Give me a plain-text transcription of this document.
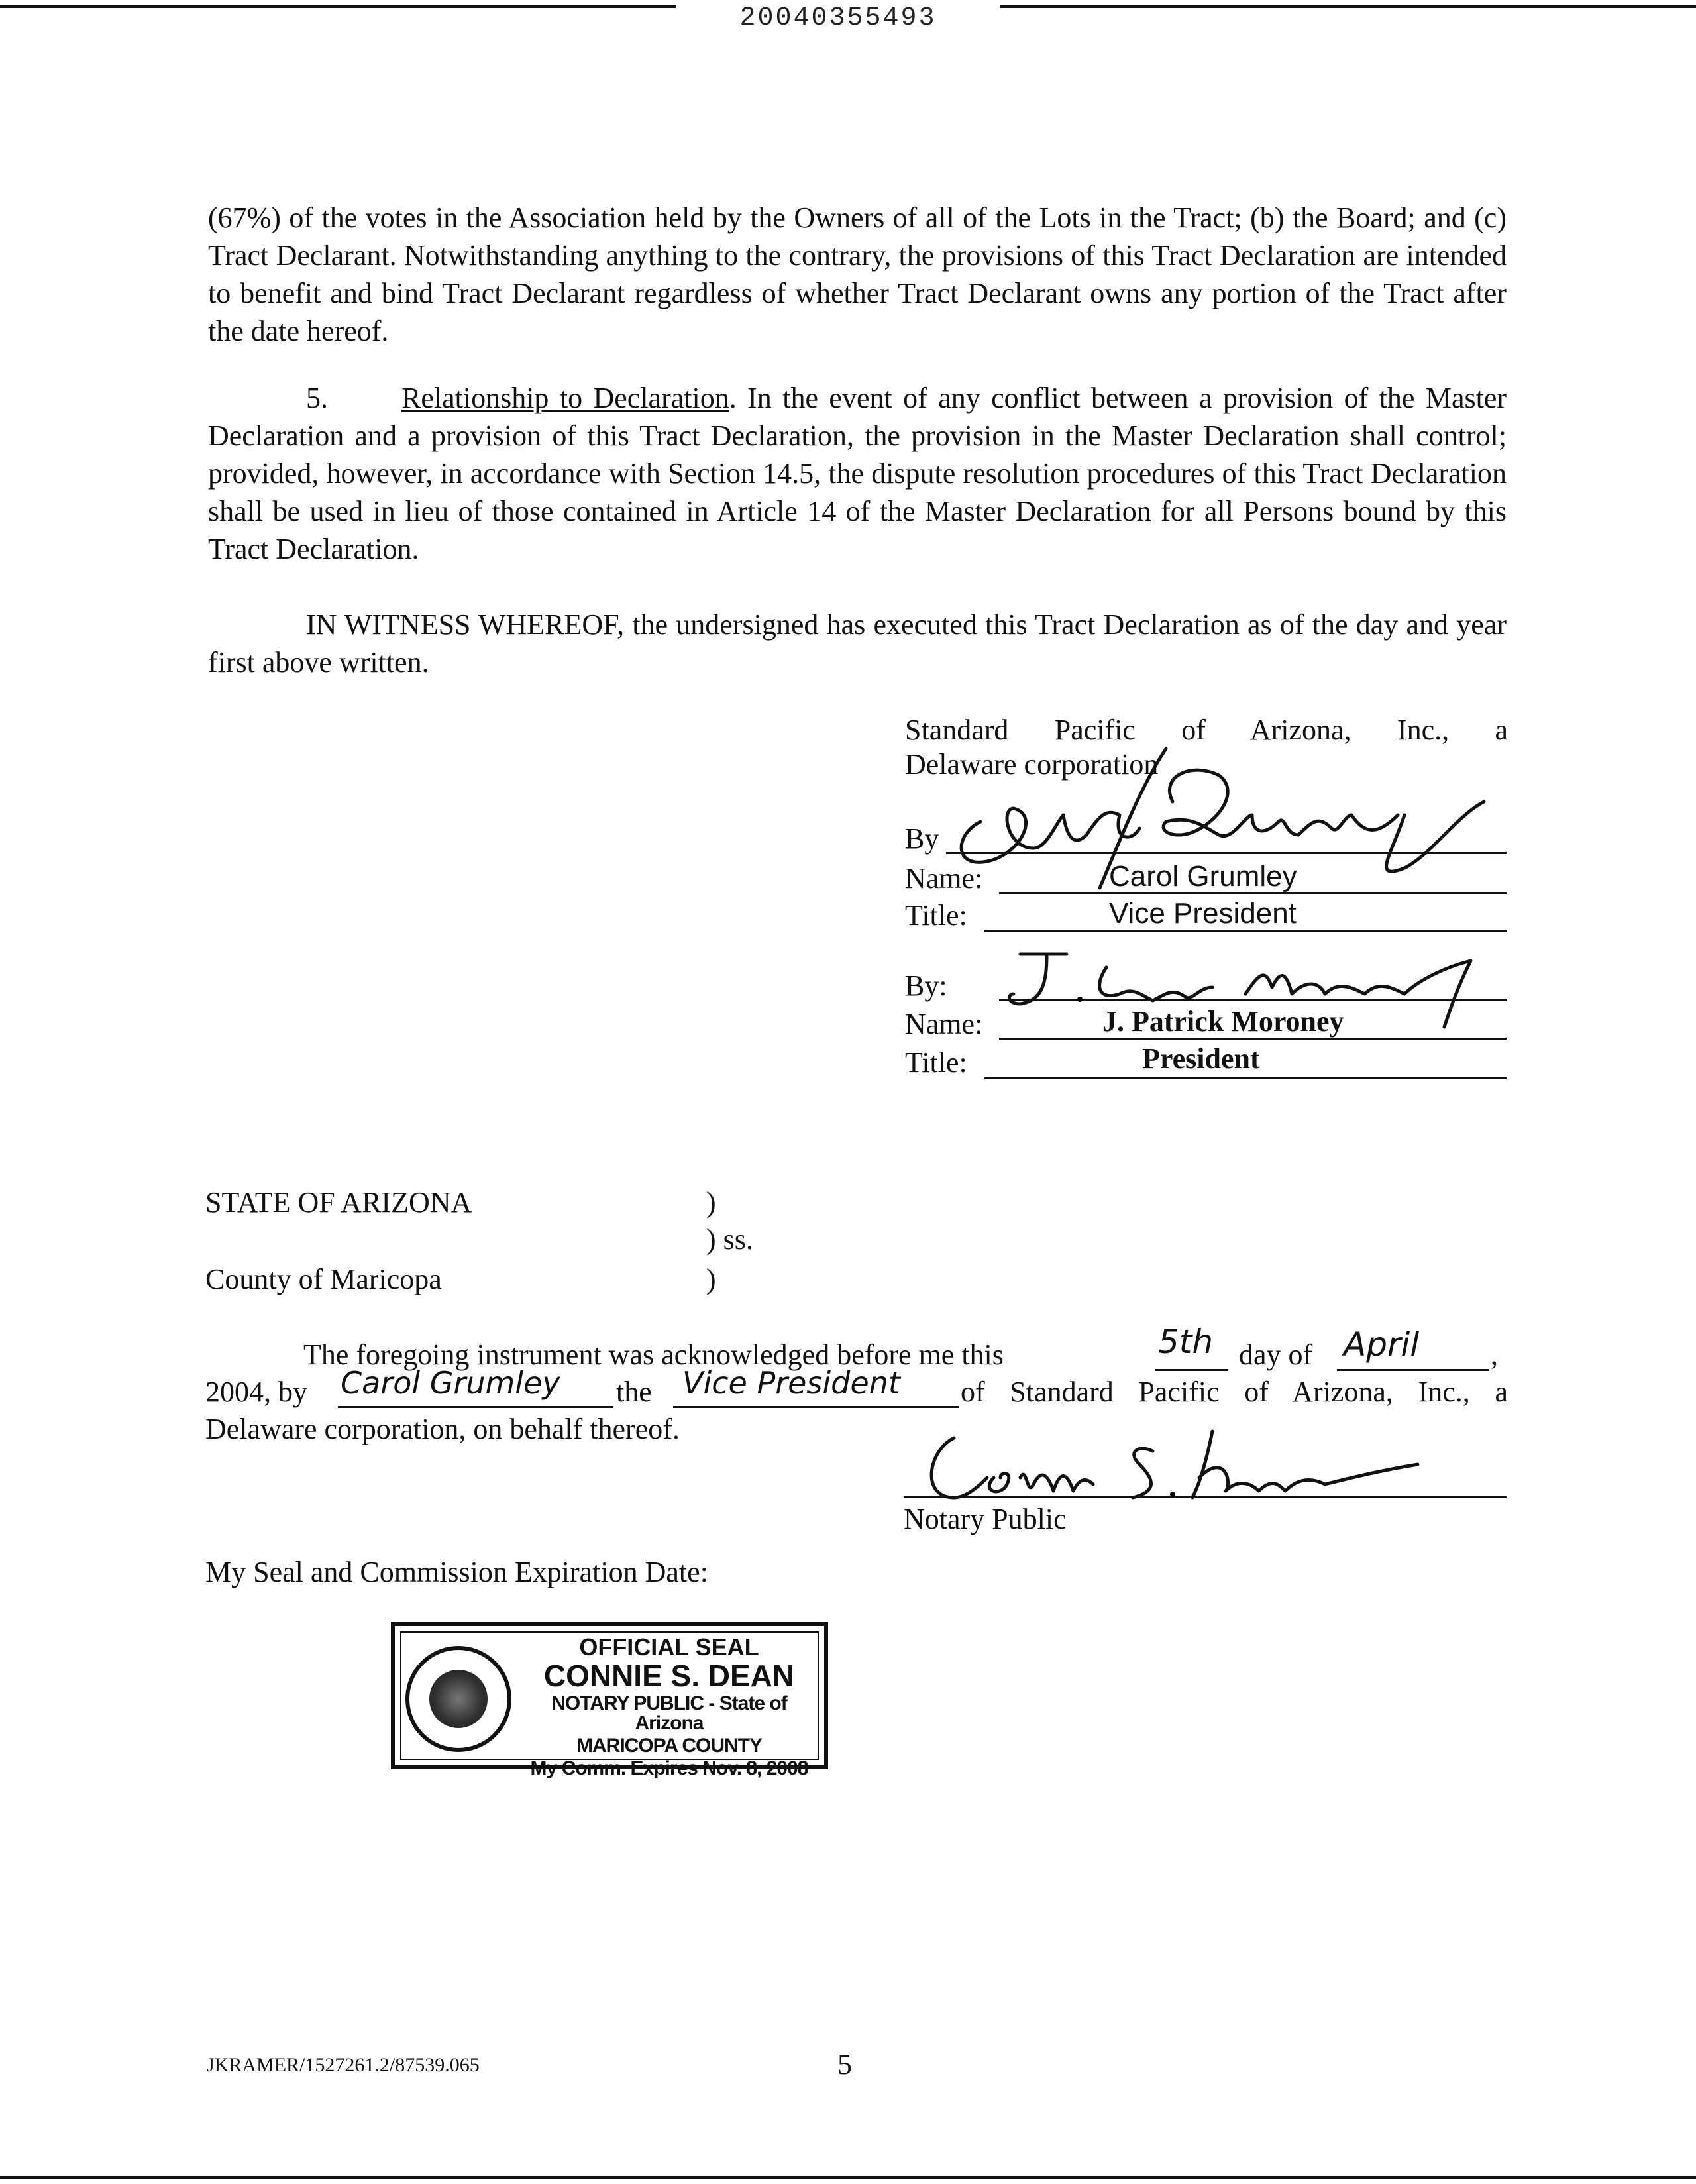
20040355493

(67%) of the votes in the Association held by the Owners of all of the Lots in the Tract; (b) the Board; and (c) Tract Declarant. Notwithstanding anything to the contrary, the provisions of this Tract Declaration are intended to benefit and bind Tract Declarant regardless of whether Tract Declarant owns any portion of the Tract after the date hereof.

5.	Relationship to Declaration. In the event of any conflict between a provision of the Master Declaration and a provision of this Tract Declaration, the provision in the Master Declaration shall control; provided, however, in accordance with Section 14.5, the dispute resolution procedures of this Tract Declaration shall be used in lieu of those contained in Article 14 of the Master Declaration for all Persons bound by this Tract Declaration.

IN WITNESS WHEREOF, the undersigned has executed this Tract Declaration as of the day and year first above written.

Standard Pacific of Arizona, Inc., a
Delaware corporation
By
Name:	Carol Grumley
Title:	Vice President
By:
Name:	J. Patrick Moroney
Title:	President
STATE OF ARIZONA	)
) ss.
County of Maricopa	)
The foregoing instrument was acknowledged before me this	5th day of April ,
2004, by Carol Grumley the Vice President of Standard Pacific of Arizona, Inc., a
Delaware corporation, on behalf thereof.
Notary Public
My Seal and Commission Expiration Date:
OFFICIAL SEAL
CONNIE S. DEAN
NOTARY PUBLIC - State of Arizona
MARICOPA COUNTY
My Comm. Expires Nov. 8, 2008
JKRAMER/1527261.2/87539.065	5
